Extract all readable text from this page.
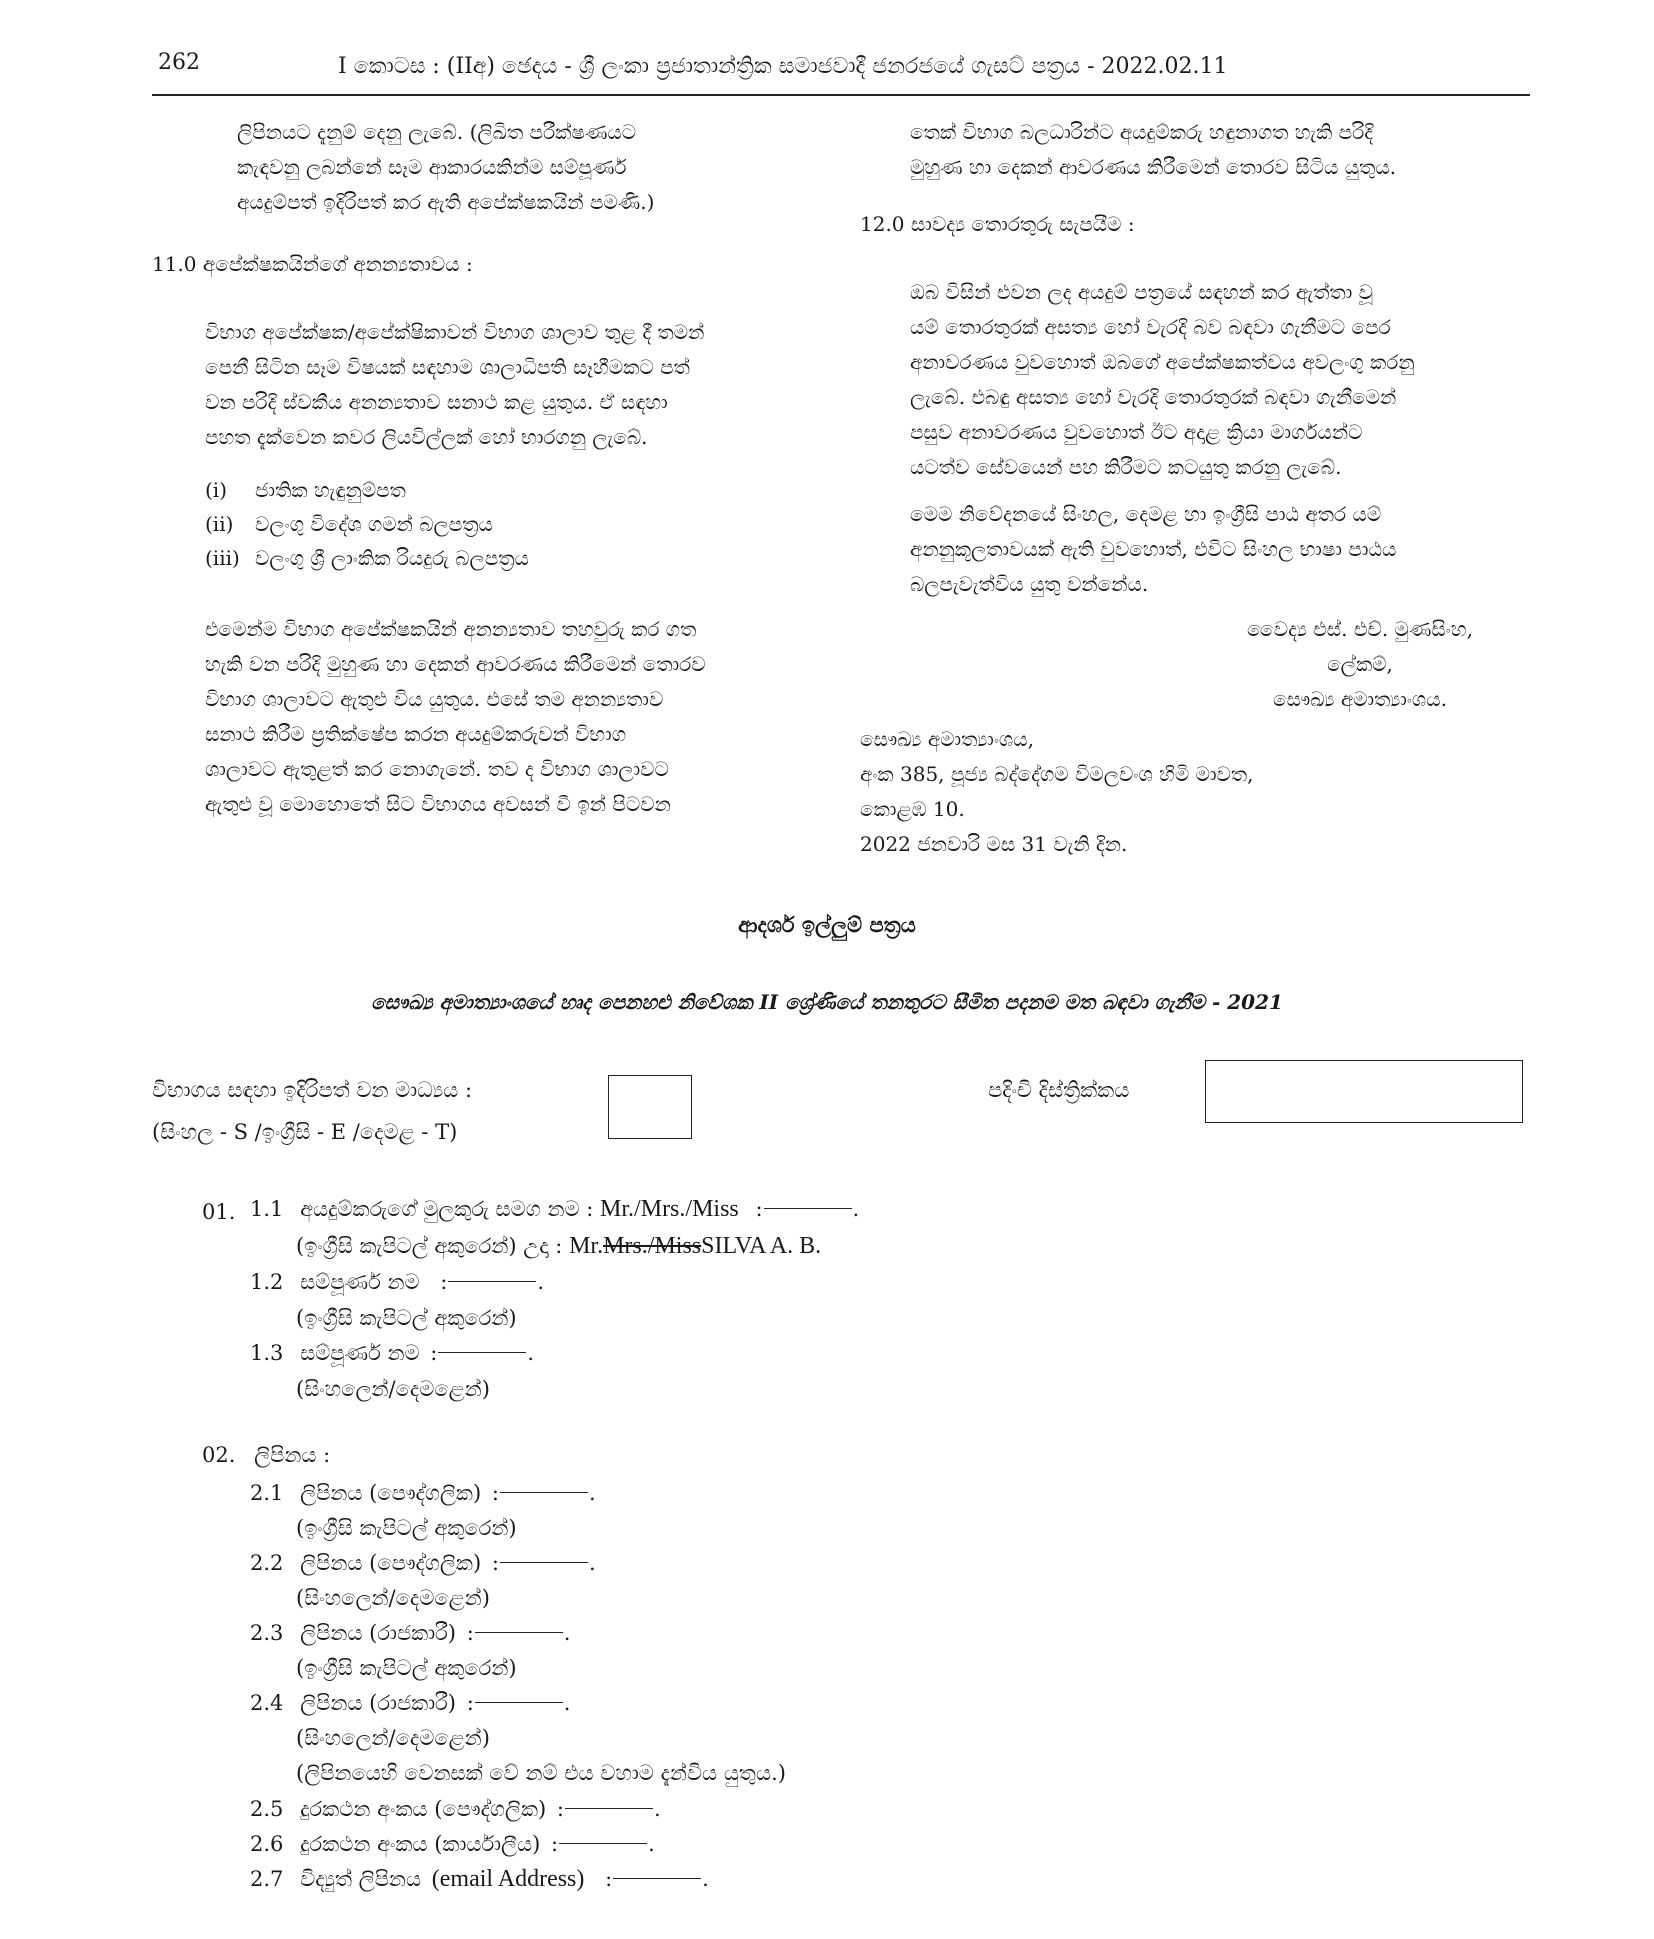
262	I කොටස : (IIඅ) ඡෙදය - ශ්‍රී ලංකා ප්‍රජාතාන්ත්‍රික සමාජවාදී ජනරජයේ ගැසට් පත්‍රය - 2022.02.11
ලිපිනයට දැනුම් දෙනු ලැබේ. (ලිඛිත පරීක්ෂණයට
කැඳවනු ලබන්නේ සෑම ආකාරයකින්ම සම්පූර්ණ
අයදුම්පත් ඉදිරිපත් කර ඇති අපේක්ෂකයින් පමණි.)
11.0 අපේක්ෂකයින්ගේ අනන්‍යතාවය :
විභාග අපේක්ෂක/අපේක්ෂිකාවන් විභාග ශාලාව තුළ දී තමන්
පෙනී සිටින සෑම විෂයක් සඳහාම ශාලාධිපති සෑහීමකට පත්
වන පරිදි ස්වකීය අනන්‍යතාව සනාථ කළ යුතුය. ඒ සඳහා
පහත දැක්වෙන කවර ලියවිල්ලක් හෝ භාරගනු ලැබේ.
(i) ජාතික හැඳුනුම්පත
(ii) වලංගු විදේශ ගමන් බලපත්‍රය
(iii) වලංගු ශ්‍රී ලාංකික රියදුරු බලපත්‍රය
එමෙන්ම විභාග අපේක්ෂකයින් අනන්‍යතාව තහවුරු කර ගත
හැකි වන පරිදි මුහුණ හා දෙකන් ආවරණය කිරීමෙන් තොරව
විභාග ශාලාවට ඇතුළු විය යුතුය. එසේ තම අනන්‍යතාව
සනාථ කිරීම ප්‍රතික්ෂේප කරන අයදුම්කරුවන් විභාග
ශාලාවට ඇතුළත් කර නොගැනේ. තව ද විභාග ශාලාවට
ඇතුළු වූ මොහොතේ සිට විභාගය අවසන් වී ඉන් පිටවන
තෙක් විභාග බලධාරින්ට අයදුම්කරු හඳුනාගත හැකි පරිදි
මුහුණ හා දෙකන් ආවරණය කිරීමෙන් තොරව සිටිය යුතුය.
12.0 සාවද්‍ය තොරතුරු සැපයීම :
ඔබ විසින් එවන ලද අයදුම් පත්‍රයේ සඳහන් කර ඇත්තා වූ
යම් තොරතුරක් අසත්‍ය හෝ වැරදි බව බඳවා ගැනීමට පෙර
අනාවරණය වුවහොත් ඔබගේ අපේක්ෂකත්වය අවලංගු කරනු
ලැබේ. එබඳු අසත්‍ය හෝ වැරදි තොරතුරක් බඳවා ගැනීමෙන්
පසුව අනාවරණය වුවහොත් ඊට අදාළ ක්‍රියා මාර්ගයන්ට
යටත්ව සේවයෙන් පහ කිරීමට කටයුතු කරනු ලැබේ.
මෙම නිවේදනයේ සිංහල, දෙමළ හා ඉංග්‍රීසි පාඨ අතර යම්
අනනුකූලතාවයක් ඇති වුවහොත්, එවිට සිංහල භාෂා පාඨය
බලපැවැත්විය යුතු වන්නේය.
වෛද්‍ය එස්. එච්. මුණසිංහ,
ලේකම්,
සෞඛ්‍ය අමාත්‍යාංශය.
සෞඛ්‍ය අමාත්‍යාංශය,
අංක 385, පූජ්‍ය බද්දේගම විමලවංශ හිමි මාවත,
කොළඹ 10.
2022 ජනවාරි මස 31 වැනි දින.
ආදර්ශ ඉල්ලුම් පත්‍රය
සෞඛ්‍ය අමාත්‍යාංශයේ හෘද පෙනහළු නිවේශක II ශ්‍රේණියේ තනතුරට සීමිත පදනම මත බඳවා ගැනීම - 2021
විභාගය සඳහා ඉදිරිපත් වන මාධ්‍යය :
(සිංහල - S /ඉංග්‍රීසි - E /දෙමළ - T)
පදිංචි දිස්ත්‍රික්කය
01. 1.1 අයදුම්කරුගේ මුලකුරු සමග නම : Mr./Mrs./Miss :	.
(ඉංග්‍රීසි කැපිටල් අකුරෙන්) උදා : Mr.Mrs./MissSILVA A. B.
1.2 සම්පූර්ණ නම :	.
(ඉංග්‍රීසි කැපිටල් අකුරෙන්)
1.3 සම්පූර්ණ නම :	.
(සිංහලෙන්/දෙමළෙන්)
02. ලිපිනය :
2.1 ලිපිනය (පෞද්ගලික) :	.
(ඉංග්‍රීසි කැපිටල් අකුරෙන්)
2.2 ලිපිනය (පෞද්ගලික) :	.
(සිංහලෙන්/දෙමළෙන්)
2.3 ලිපිනය (රාජකාරී) :	.
(ඉංග්‍රීසි කැපිටල් අකුරෙන්)
2.4 ලිපිනය (රාජකාරී) :	.
(සිංහලෙන්/දෙමළෙන්)
(ලිපිනයෙහි වෙනසක් වේ නම් එය වහාම දැන්විය යුතුය.)
2.5 දුරකථන අංකය (පෞද්ගලික) :	.
2.6 දුරකථන අංකය (කාර්යාලීය) :	.
2.7 විද්‍යුත් ලිපිනය (email Address) :	.
